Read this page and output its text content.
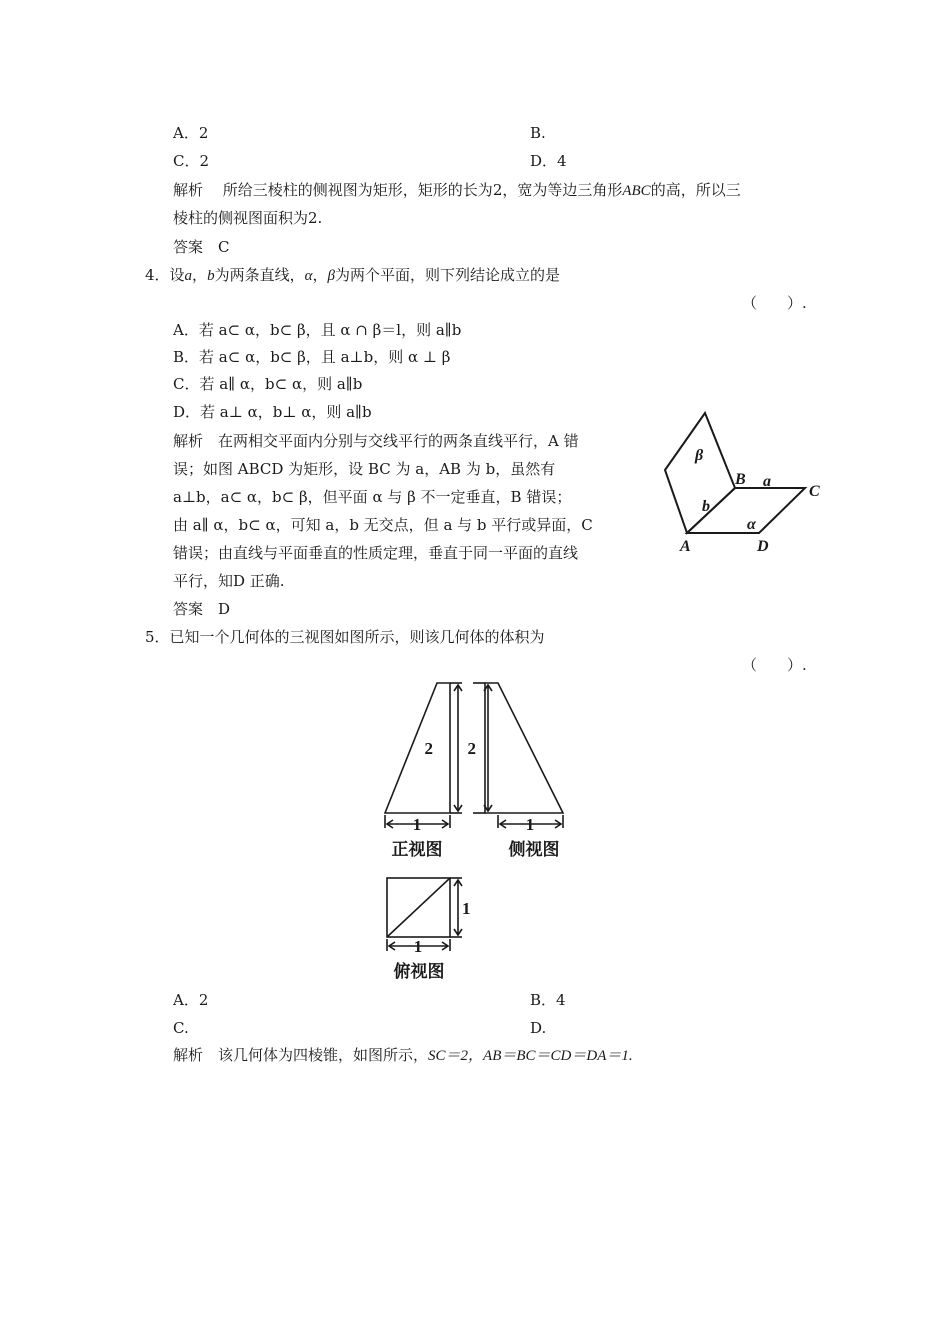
A．2	B.
C．2	D．4
解析  所给三棱柱的侧视图为矩形，矩形的长为2，宽为等边三角形ABC的高，所以三
棱柱的侧视图面积为2.
答案  C
4．设a，b为两条直线，α，β为两个平面，则下列结论成立的是
（　　）.
A．若 a⊂ α，b⊂ β，且 α ∩ β＝l，则 a∥b
B．若 a⊂ α，b⊂ β，且 a⊥b，则 α ⊥ β
C．若 a∥ α，b⊂ α，则 a∥b
D．若 a⊥ α，b⊥ α，则 a∥b
解析  在两相交平面内分别与交线平行的两条直线平行，A 错
误；如图 ABCD 为矩形，设 BC 为 a，AB 为 b，虽然有
a⊥b，a⊂ α，b⊂ β，但平面 α 与 β 不一定垂直，B 错误；
由 a∥ α，b⊂ α，可知 a，b 无交点，但 a 与 b 平行或异面，C
错误；由直线与平面垂直的性质定理，垂直于同一平面的直线
平行，知D 正确.
答案  D
β
B a
C
b
α
A	D
5．已知一个几何体的三视图如图所示，则该几何体的体积为
（　　）.
2
1
正视图
2
1
侧视图
1
1
俯视图
A．2	B．4
C.	D.
解析  该几何体为四棱锥，如图所示，SC＝2，AB＝BC＝CD＝DA＝1.
